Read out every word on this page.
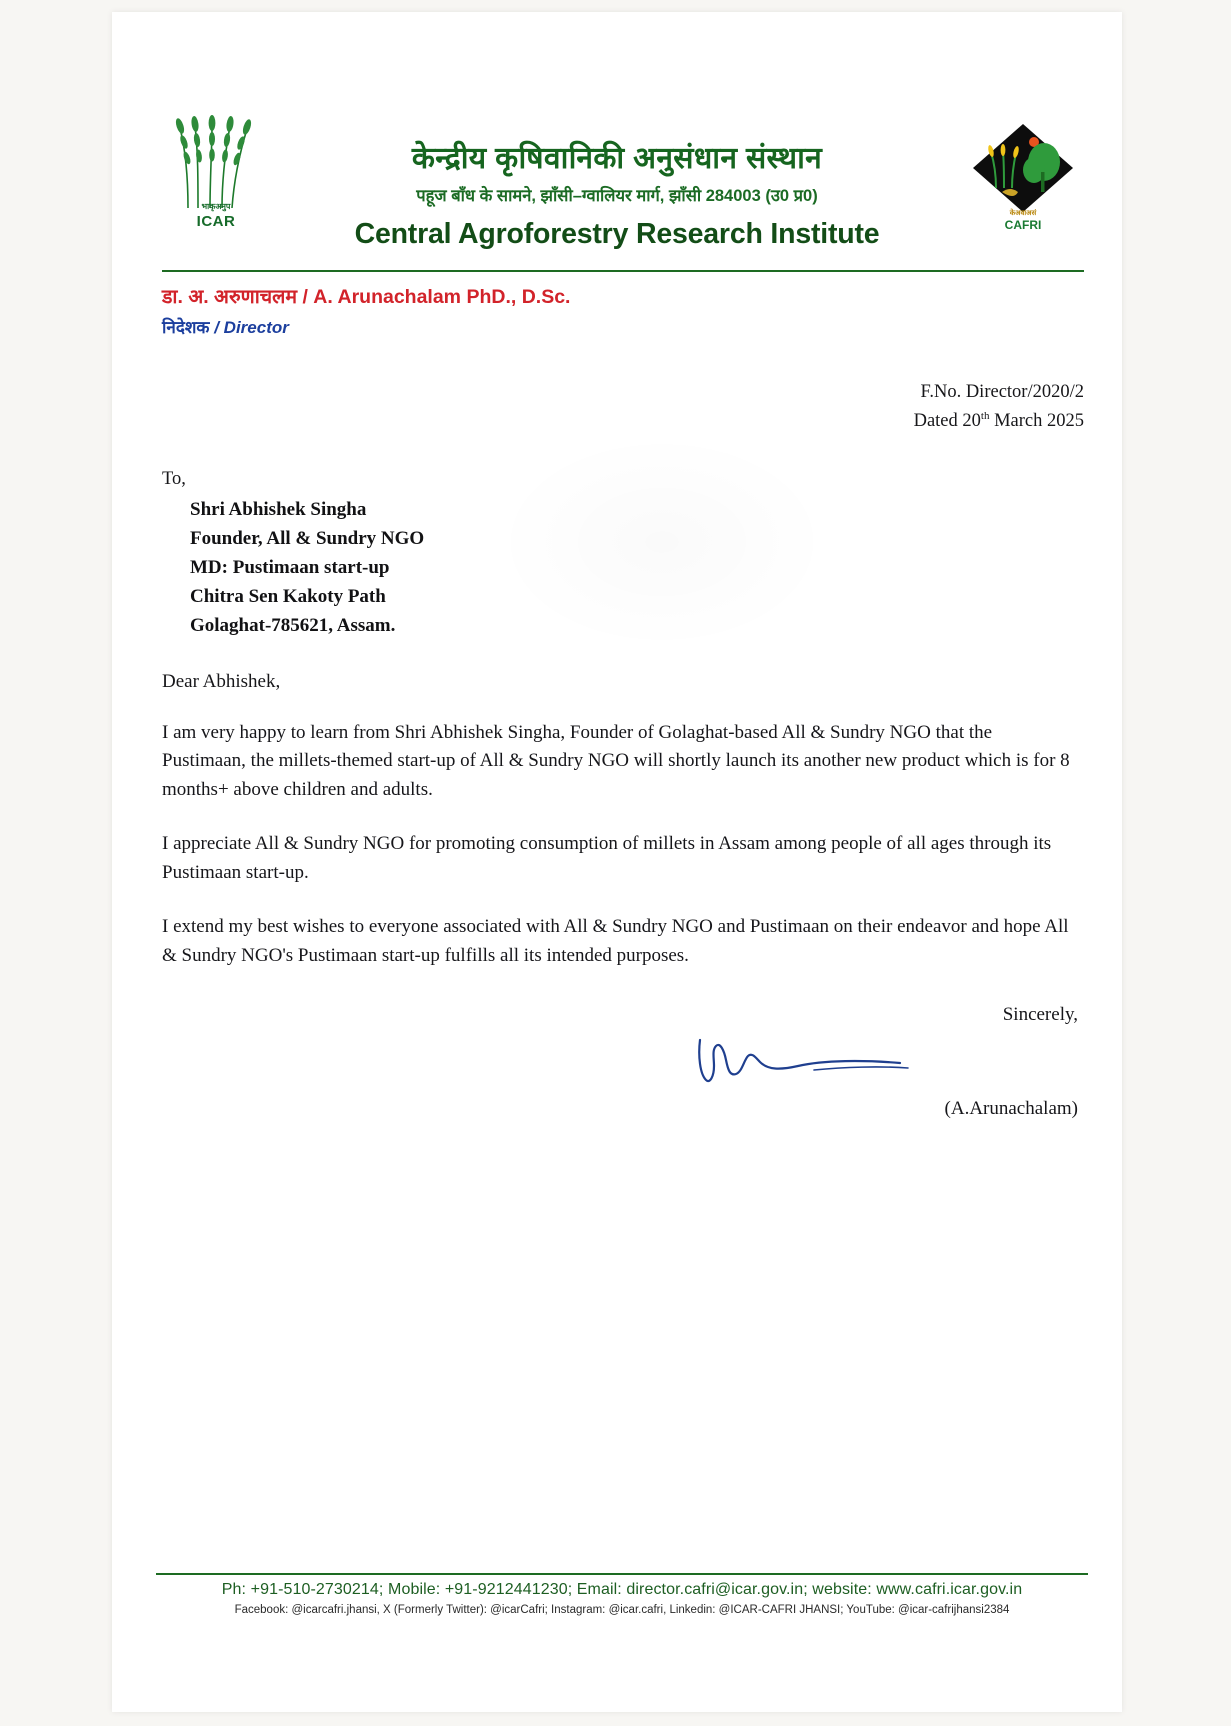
भाकृअनुप
ICAR
केन्द्रीय कृषिवानिकी अनुसंधान संस्थान
पहूज बाँध के सामने, झाँसी–ग्वालियर मार्ग, झाँसी 284003 (उ0 प्र0)
Central Agroforestry Research Institute
केअवाअसं
CAFRI
डा. अ. अरुणाचलम / A. Arunachalam PhD., D.Sc.
निदेशक / Director
F.No. Director/2020/2
Dated 20th March 2025
To,
Shri Abhishek Singha
Founder, All & Sundry NGO
MD: Pustimaan start-up
Chitra Sen Kakoty Path
Golaghat-785621, Assam.
Dear Abhishek,
I am very happy to learn from Shri Abhishek Singha, Founder of Golaghat-based All & Sundry NGO that the Pustimaan, the millets-themed start-up of All & Sundry NGO will shortly launch its another new product which is for 8 months+ above children and adults.
I appreciate All & Sundry NGO for promoting consumption of millets in Assam among people of all ages through its Pustimaan start-up.
I extend my best wishes to everyone associated with All & Sundry NGO and Pustimaan on their endeavor and hope All & Sundry NGO's Pustimaan start-up fulfills all its intended purposes.
Sincerely,
(A.Arunachalam)
Ph: +91-510-2730214; Mobile: +91-9212441230; Email: director.cafri@icar.gov.in; website: www.cafri.icar.gov.in
Facebook: @icarcafri.jhansi, X (Formerly Twitter): @icarCafri; Instagram: @icar.cafri, Linkedin: @ICAR-CAFRI JHANSI; YouTube: @icar-cafrijhansi2384
